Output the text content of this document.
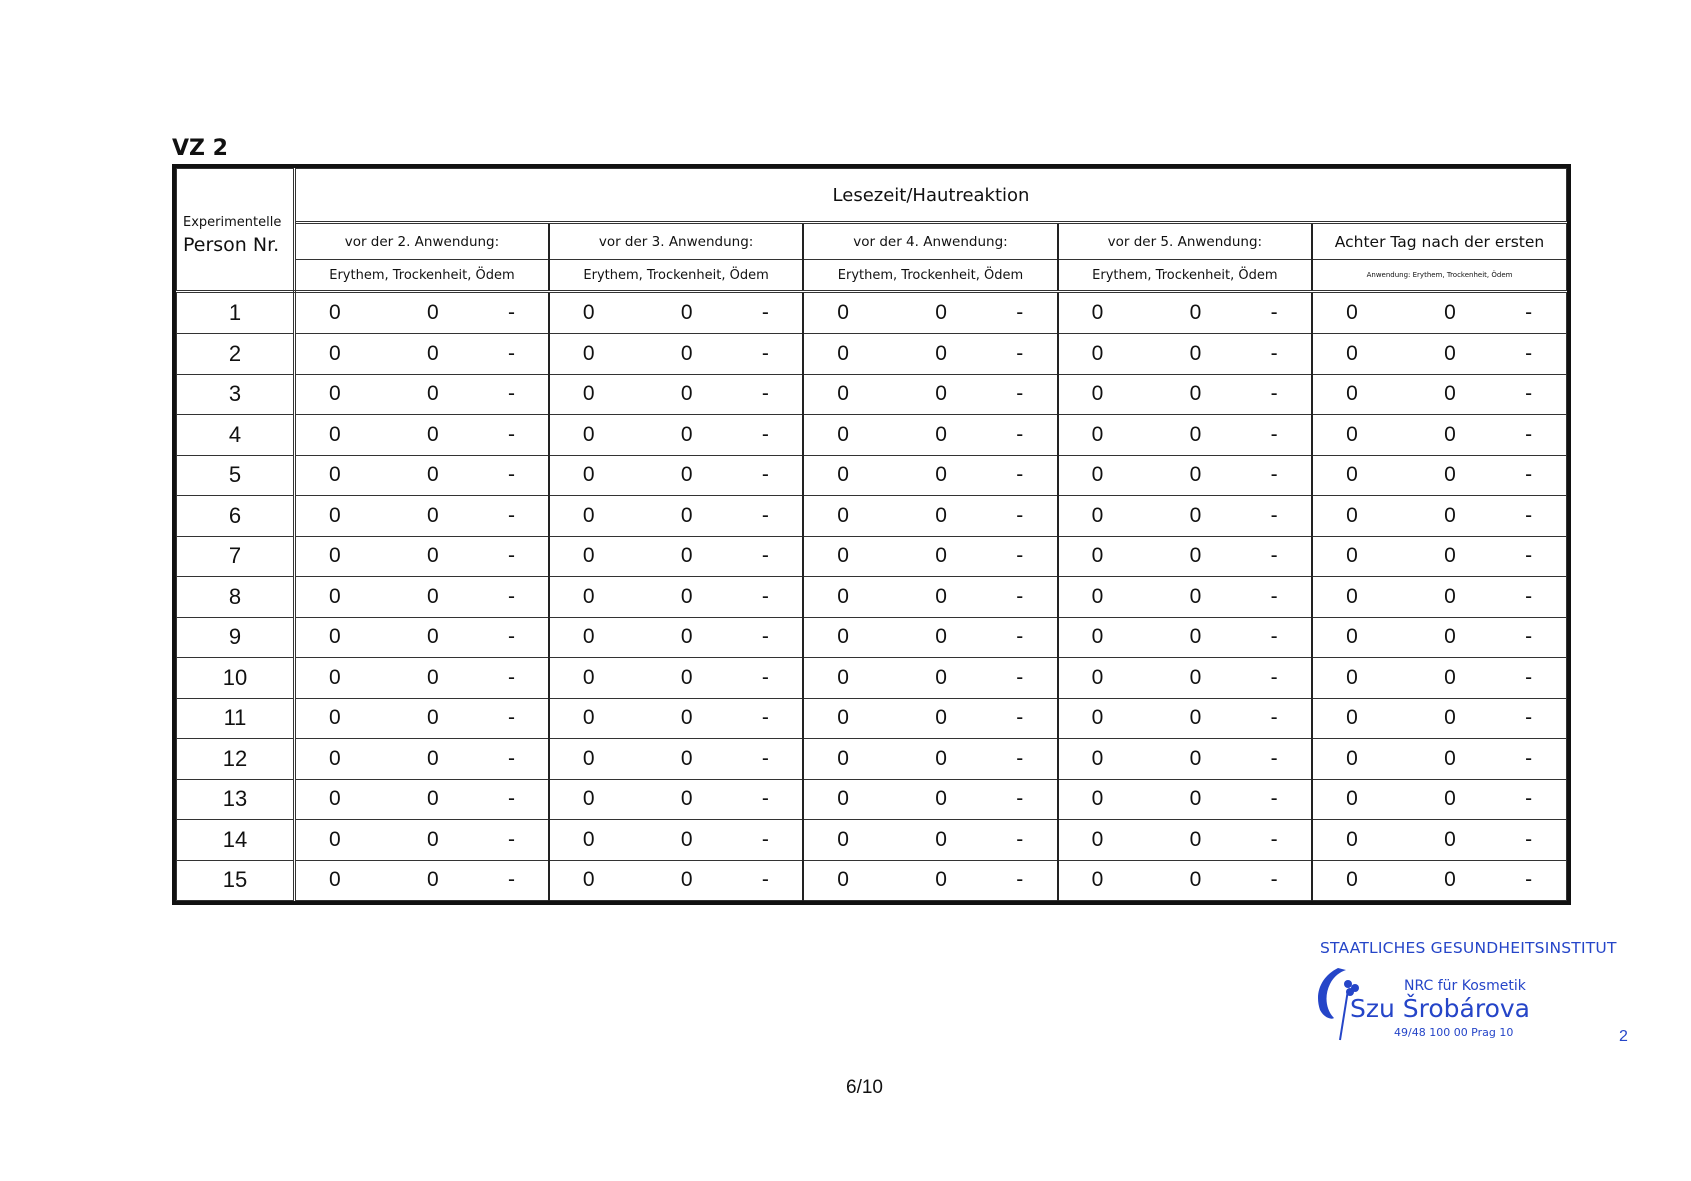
VZ 2
Experimentelle
Person Nr.	Lesezeit/Hautreaktion				
	vor der 2. Anwendung:	vor der 3. Anwendung:	vor der 4. Anwendung:	vor der 5. Anwendung:	Achter Tag nach der ersten
	Erythem, Trockenheit, Ödem	Erythem, Trockenheit, Ödem	Erythem, Trockenheit, Ödem	Erythem, Trockenheit, Ödem	Anwendung: Erythem, Trockenheit, Ödem
1	0 0 -	0 0 -	0 0 -	0 0 -	0 0 -

2	0 0 -	0 0 -	0 0 -	0 0 -	0 0 -

3	0 0 -	0 0 -	0 0 -	0 0 -	0 0 -

4	0 0 -	0 0 -	0 0 -	0 0 -	0 0 -

5	0 0 -	0 0 -	0 0 -	0 0 -	0 0 -

6	0 0 -	0 0 -	0 0 -	0 0 -	0 0 -

7	0 0 -	0 0 -	0 0 -	0 0 -	0 0 -

8	0 0 -	0 0 -	0 0 -	0 0 -	0 0 -

9	0 0 -	0 0 -	0 0 -	0 0 -	0 0 -

10	0 0 -	0 0 -	0 0 -	0 0 -	0 0 -

11	0 0 -	0 0 -	0 0 -	0 0 -	0 0 -

12	0 0 -	0 0 -	0 0 -	0 0 -	0 0 -

13	0 0 -	0 0 -	0 0 -	0 0 -	0 0 -

14	0 0 -	0 0 -	0 0 -	0 0 -	0 0 -

15	0 0 -	0 0 -	0 0 -	0 0 -	0 0 -
STAATLICHES GESUNDHEITSINSTITUT
NRC für Kosmetik
Szu Šrobárova
49/48 100 00 Prag 10	2
6/10
